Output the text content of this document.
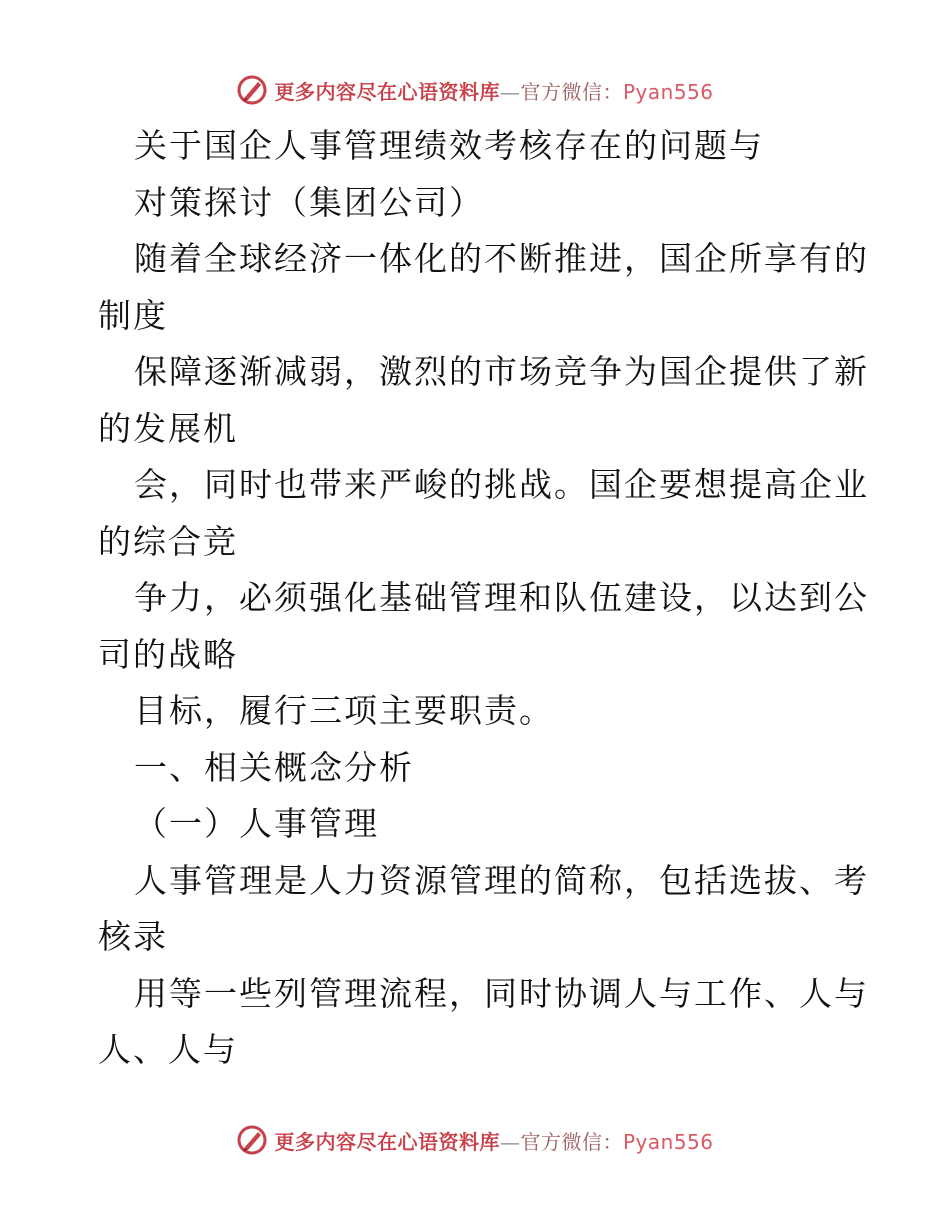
更多内容尽在心语资料库—官方微信：Pyan556
关于国企人事管理绩效考核存在的问题与
对策探讨（集团公司）
随着全球经济一体化的不断推进，国企所享有的
制度
保障逐渐减弱，激烈的市场竞争为国企提供了新
的发展机
会，同时也带来严峻的挑战。国企要想提高企业
的综合竞
争力，必须强化基础管理和队伍建设，以达到公
司的战略
目标，履行三项主要职责。
一、相关概念分析
（一）人事管理
人事管理是人力资源管理的简称，包括选拔、考
核录
用等一些列管理流程，同时协调人与工作、人与
人、人与
更多内容尽在心语资料库—官方微信：Pyan556
